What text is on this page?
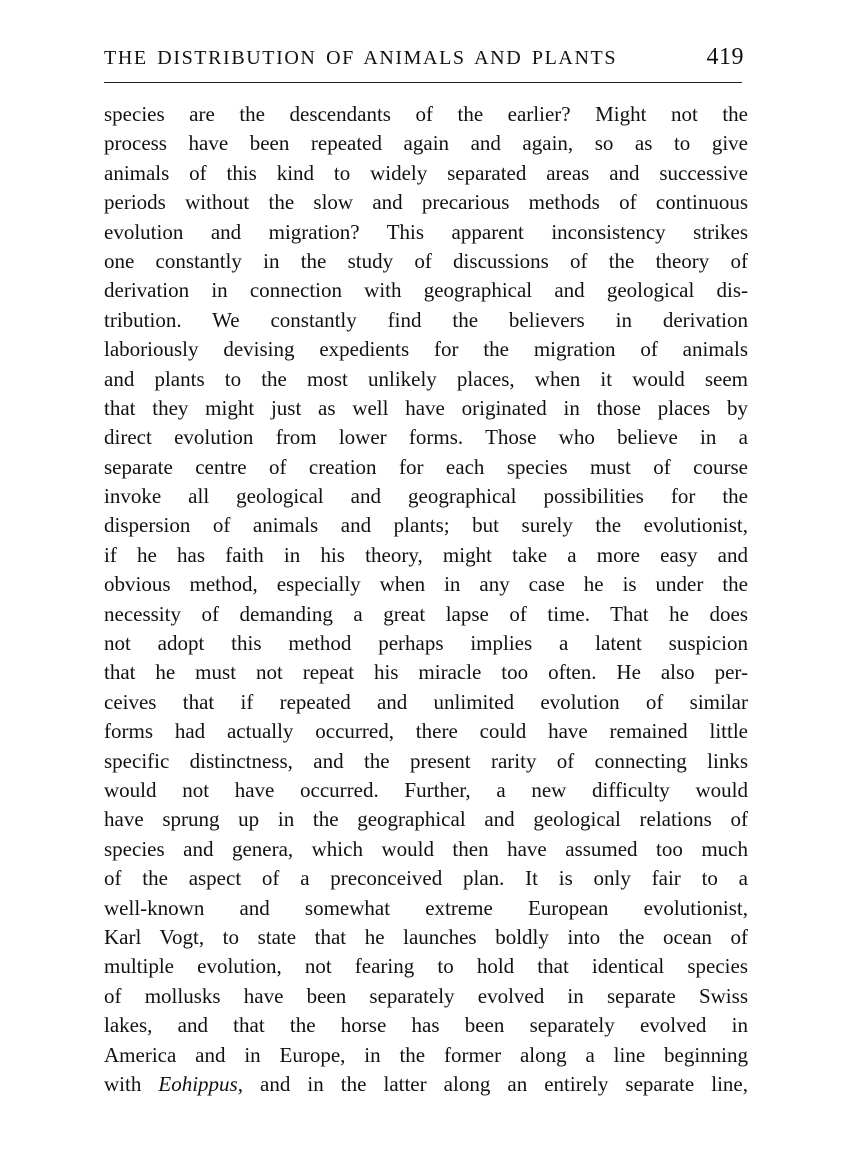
THE DISTRIBUTION OF ANIMALS AND PLANTS	419
species are the descendants of the earlier? Might not the
process have been repeated again and again, so as to give
animals of this kind to widely separated areas and successive
periods without the slow and precarious methods of continuous
evolution and migration? This apparent inconsistency strikes
one constantly in the study of discussions of the theory of
derivation in connection with geographical and geological dis-
tribution. We constantly find the believers in derivation
laboriously devising expedients for the migration of animals
and plants to the most unlikely places, when it would seem
that they might just as well have originated in those places by
direct evolution from lower forms. Those who believe in a
separate centre of creation for each species must of course
invoke all geological and geographical possibilities for the
dispersion of animals and plants; but surely the evolutionist,
if he has faith in his theory, might take a more easy and
obvious method, especially when in any case he is under the
necessity of demanding a great lapse of time. That he does
not adopt this method perhaps implies a latent suspicion
that he must not repeat his miracle too often. He also per-
ceives that if repeated and unlimited evolution of similar
forms had actually occurred, there could have remained little
specific distinctness, and the present rarity of connecting links
would not have occurred. Further, a new difficulty would
have sprung up in the geographical and geological relations of
species and genera, which would then have assumed too much
of the aspect of a preconceived plan. It is only fair to a
well-known and somewhat extreme European evolutionist,
Karl Vogt, to state that he launches boldly into the ocean of
multiple evolution, not fearing to hold that identical species
of mollusks have been separately evolved in separate Swiss
lakes, and that the horse has been separately evolved in
America and in Europe, in the former along a line beginning
with Eohippus, and in the latter along an entirely separate line,
